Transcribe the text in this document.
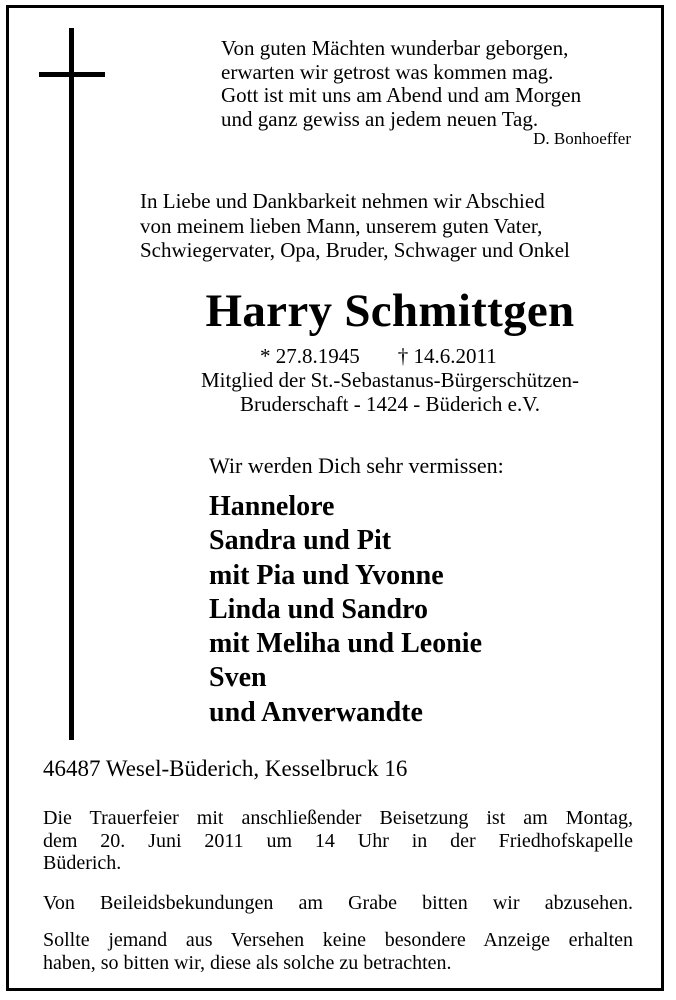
Von guten Mächten wunderbar geborgen,
erwarten wir getrost was kommen mag.
Gott ist mit uns am Abend und am Morgen
und ganz gewiss an jedem neuen Tag.
D. Bonhoeffer
In Liebe und Dankbarkeit nehmen wir Abschied
von meinem lieben Mann, unserem guten Vater,
Schwiegervater, Opa, Bruder, Schwager und Onkel
Harry Schmittgen
* 27.8.1945 † 14.6.2011
Mitglied der St.-Sebastanus-Bürgerschützen-
Bruderschaft - 1424 - Büderich e.V.
Wir werden Dich sehr vermissen:
Hannelore
Sandra und Pit
mit Pia und Yvonne
Linda und Sandro
mit Meliha und Leonie
Sven
und Anverwandte
46487 Wesel-Büderich, Kesselbruck 16
Die Trauerfeier mit anschließender Beisetzung ist am Montag,
dem 20. Juni 2011 um 14 Uhr in der Friedhofskapelle
Büderich.
Von Beileidsbekundungen am Grabe bitten wir abzusehen.
Sollte jemand aus Versehen keine besondere Anzeige erhalten
haben, so bitten wir, diese als solche zu betrachten.
